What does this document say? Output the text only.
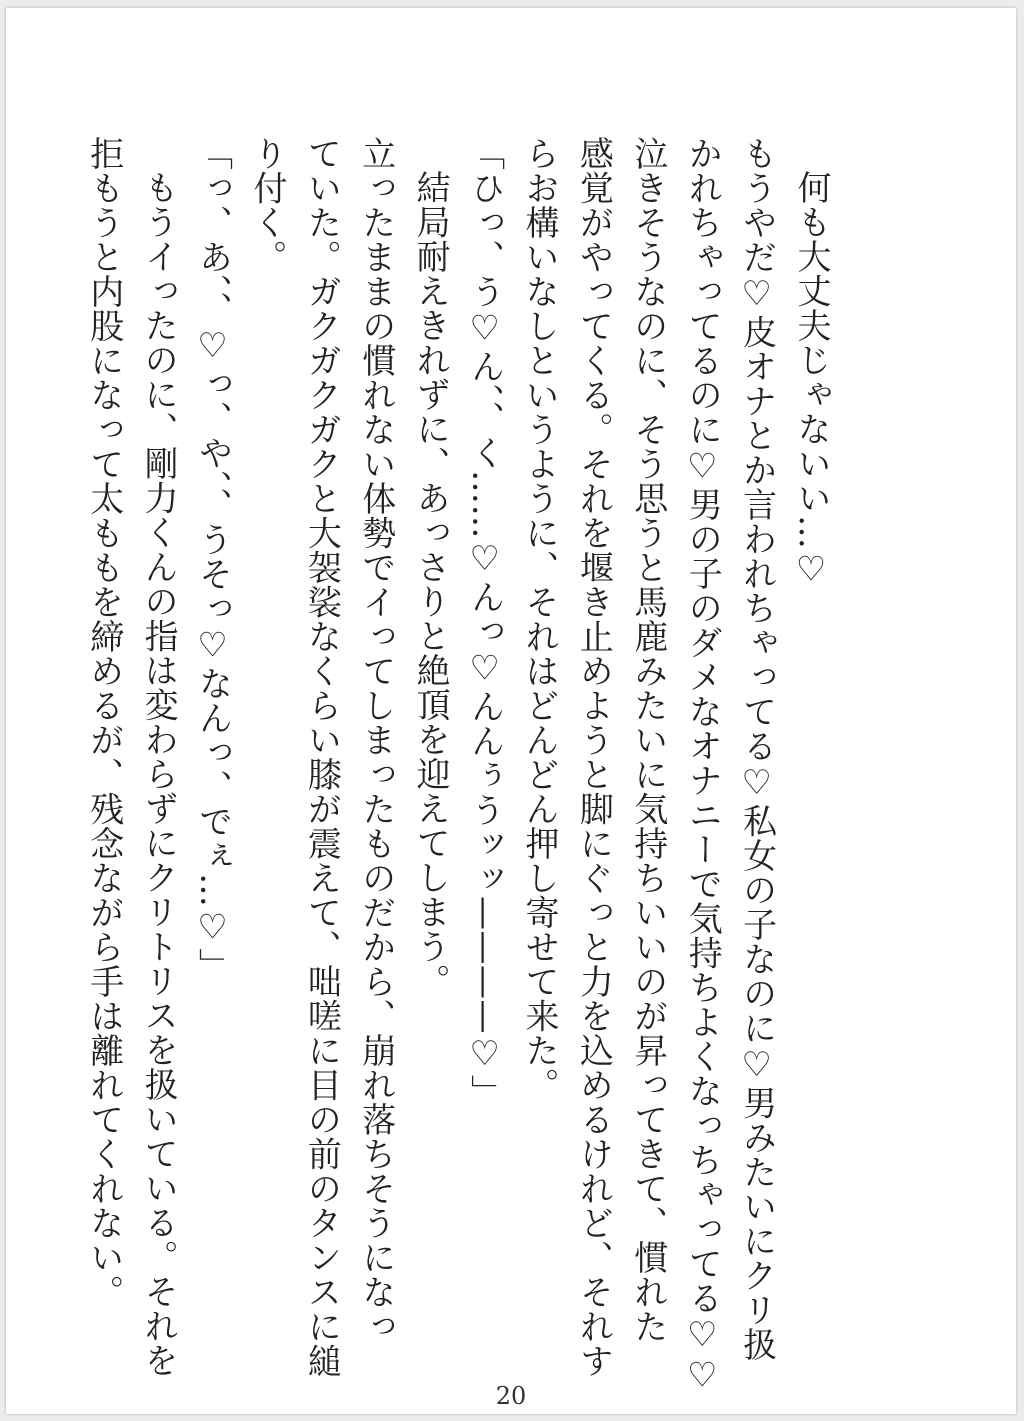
何も大丈夫じゃないい…♡
もうやだ♡皮オナとか言われちゃってる♡私女の子なのに♡男みたいにクリ扱
かれちゃってるのに♡男の子のダメなオナニーで気持ちよくなっちゃってる♡♡
泣きそうなのに、そう思うと馬鹿みたいに気持ちいいのが昇ってきて、慣れた
感覚がやってくる。それを堰き止めようと脚にぐっと力を込めるけれど、それす
らお構いなしというように、それはどんどん押し寄せて来た。
「ひっ、う♡ん、、く……♡んっ♡んんぅうッッ————♡」
結局耐えきれずに、あっさりと絶頂を迎えてしまう。
立ったままの慣れない体勢でイってしまったものだから、崩れ落ちそうになっ
ていた。ガクガクガクと大袈裟なくらい膝が震えて、咄嗟に目の前のタンスに縋
り付く。
「っ、あ、、♡っ、や、、うそっ♡なんっ、でぇ…♡」
もうイったのに、剛力くんの指は変わらずにクリトリスを扱いている。それを
拒もうと内股になって太ももを締めるが、残念ながら手は離れてくれない。
20
